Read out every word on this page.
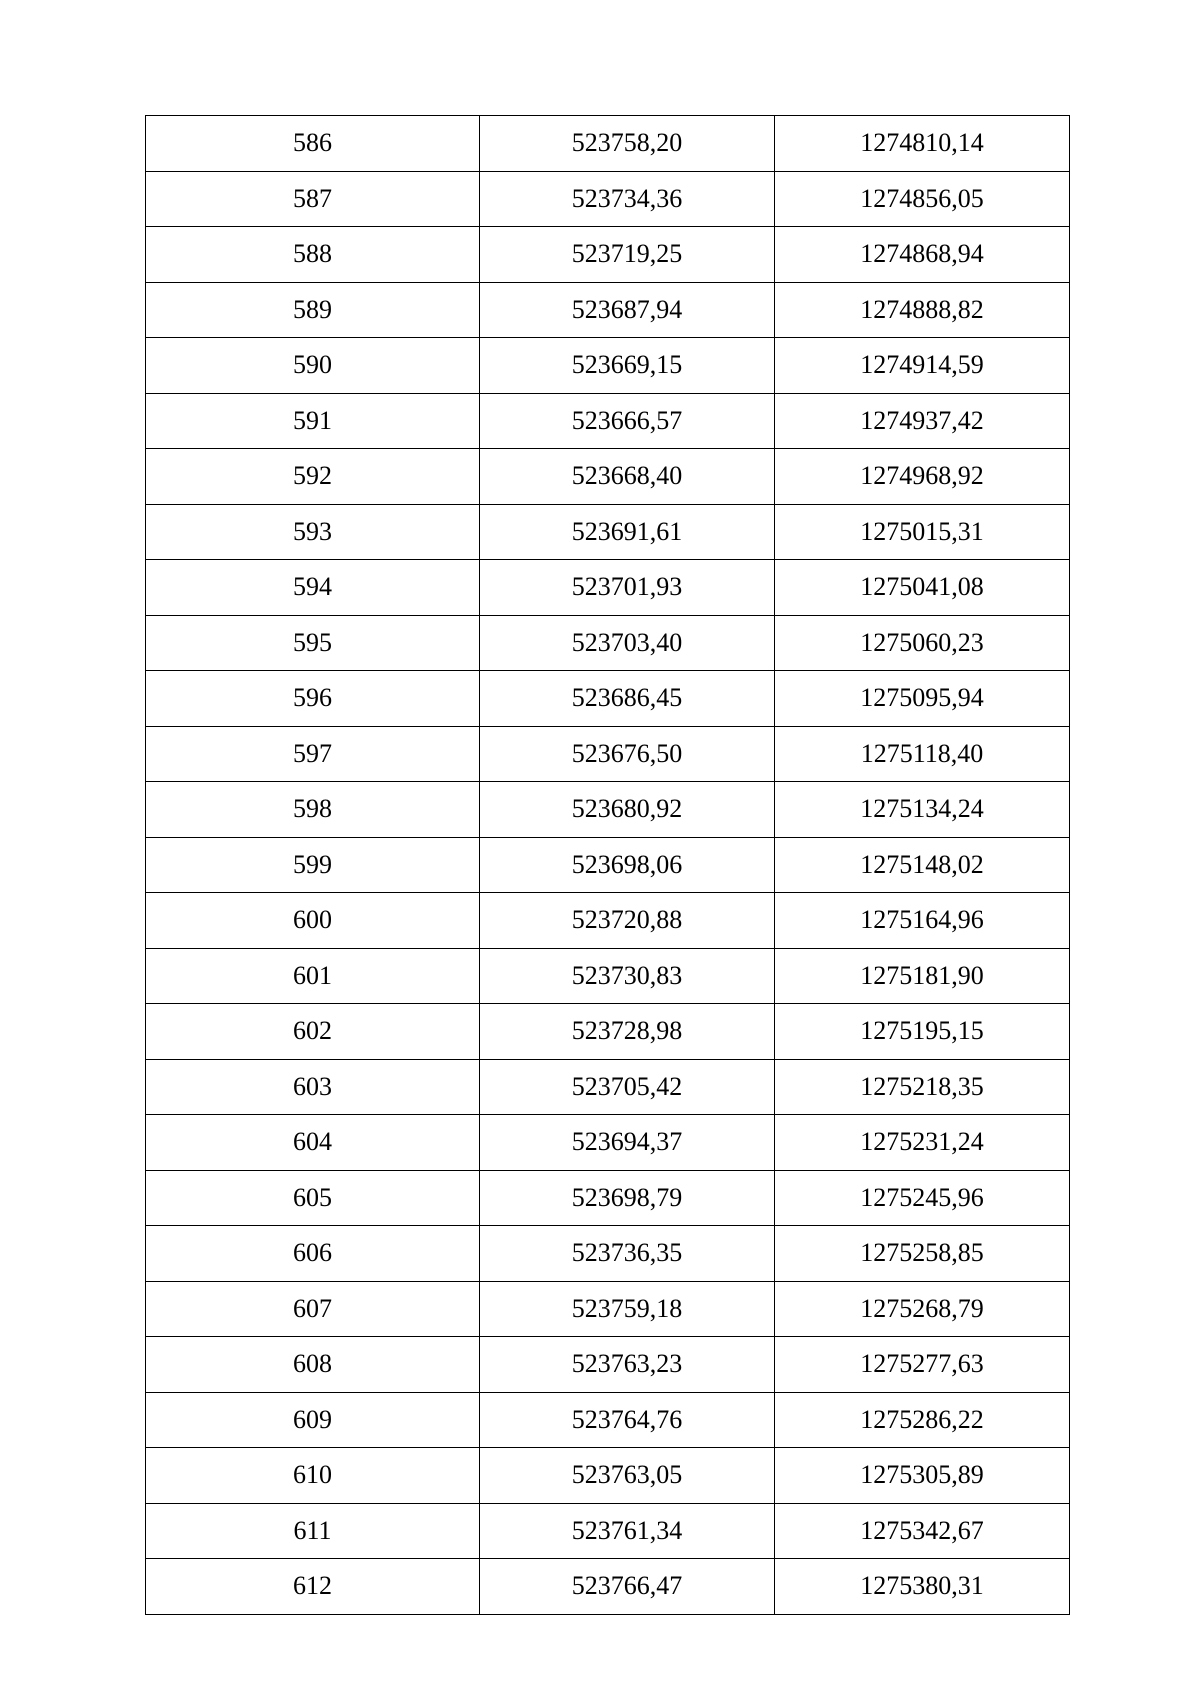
586	523758,20	1274810,14
587	523734,36	1274856,05
588	523719,25	1274868,94
589	523687,94	1274888,82
590	523669,15	1274914,59
591	523666,57	1274937,42
592	523668,40	1274968,92
593	523691,61	1275015,31
594	523701,93	1275041,08
595	523703,40	1275060,23
596	523686,45	1275095,94
597	523676,50	1275118,40
598	523680,92	1275134,24
599	523698,06	1275148,02
600	523720,88	1275164,96
601	523730,83	1275181,90
602	523728,98	1275195,15
603	523705,42	1275218,35
604	523694,37	1275231,24
605	523698,79	1275245,96
606	523736,35	1275258,85
607	523759,18	1275268,79
608	523763,23	1275277,63
609	523764,76	1275286,22
610	523763,05	1275305,89
611	523761,34	1275342,67
612	523766,47	1275380,31
